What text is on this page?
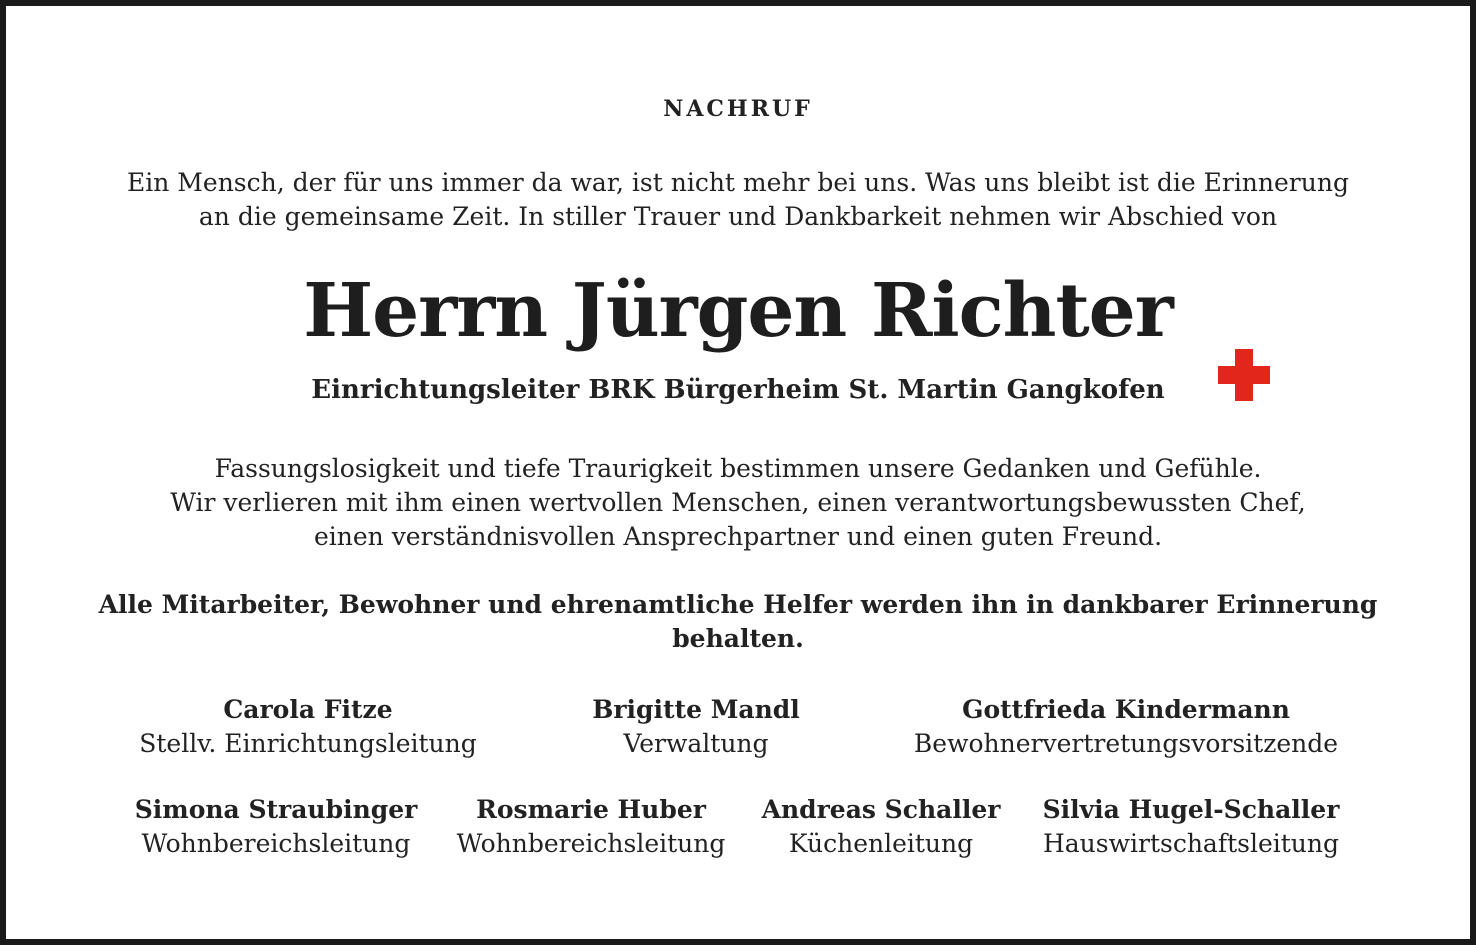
NACHRUF
Ein Mensch, der für uns immer da war, ist nicht mehr bei uns. Was uns bleibt ist die Erinnerung
an die gemeinsame Zeit. In stiller Trauer und Dankbarkeit nehmen wir Abschied von
Herrn Jürgen Richter
Einrichtungsleiter BRK Bürgerheim St. Martin Gangkofen
Fassungslosigkeit und tiefe Traurigkeit bestimmen unsere Gedanken und Gefühle.
Wir verlieren mit ihm einen wertvollen Menschen, einen verantwortungsbewussten Chef,
einen verständnisvollen Ansprechpartner und einen guten Freund.
Alle Mitarbeiter, Bewohner und ehrenamtliche Helfer werden ihn in dankbarer Erinnerung
behalten.
Carola Fitze
Stellv. Einrichtungsleitung
Brigitte Mandl
Verwaltung
Gottfrieda Kindermann
Bewohnervertretungsvorsitzende
Simona Straubinger
Wohnbereichsleitung
Rosmarie Huber
Wohnbereichsleitung
Andreas Schaller
Küchenleitung
Silvia Hugel-Schaller
Hauswirtschaftsleitung
